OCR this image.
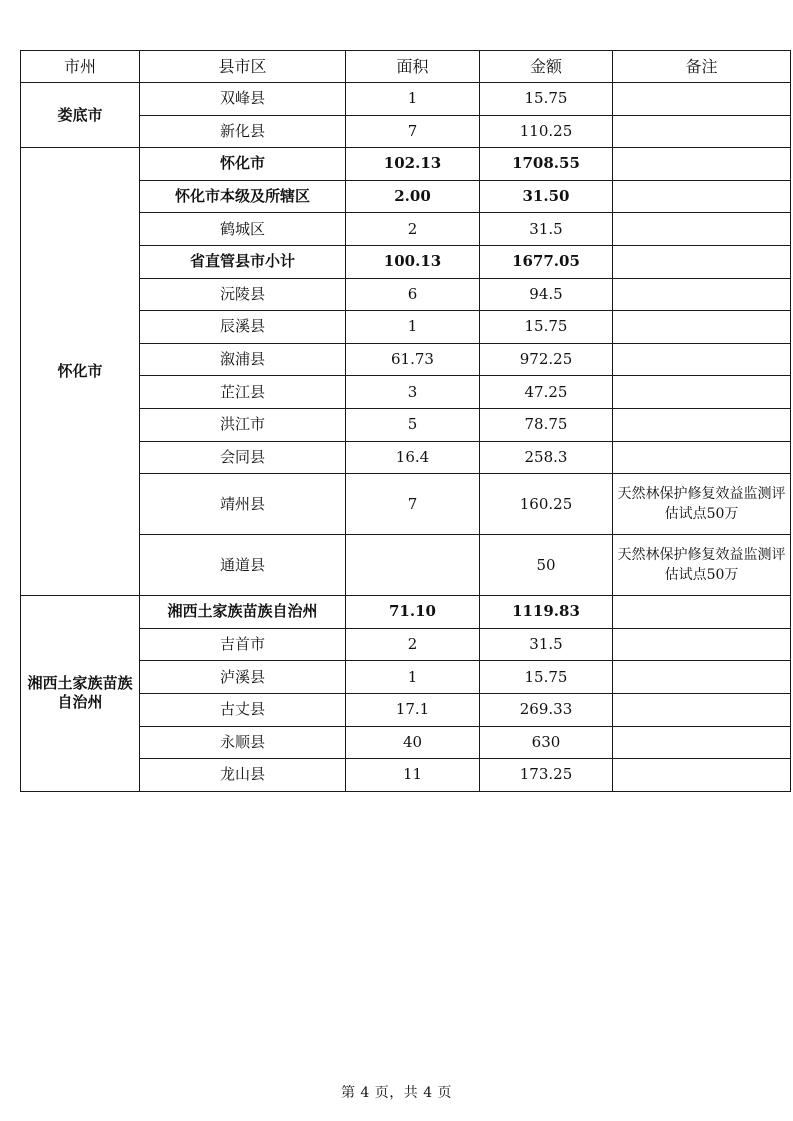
市州	县市区	面积	金额	备注
娄底市	双峰县	1	15.75	
	新化县	7	110.25	
怀化市	怀化市	102.13	1708.55	
	怀化市本级及所辖区	2.00	31.50	
	鹤城区	2	31.5	
	省直管县市小计	100.13	1677.05	
	沅陵县	6	94.5	
	辰溪县	1	15.75	
	溆浦县	61.73	972.25	
	芷江县	3	47.25	
	洪江市	5	78.75	
	会同县	16.4	258.3	
	靖州县	7	160.25	天然林保护修复效益监测评估试点50万
	通道县		50	天然林保护修复效益监测评估试点50万
湘西土家族苗族自治州	湘西土家族苗族自治州	71.10	1119.83	
	吉首市	2	31.5	
	泸溪县	1	15.75	
	古丈县	17.1	269.33	
	永顺县	40	630	
	龙山县	11	173.25	
第 4 页，共 4 页
